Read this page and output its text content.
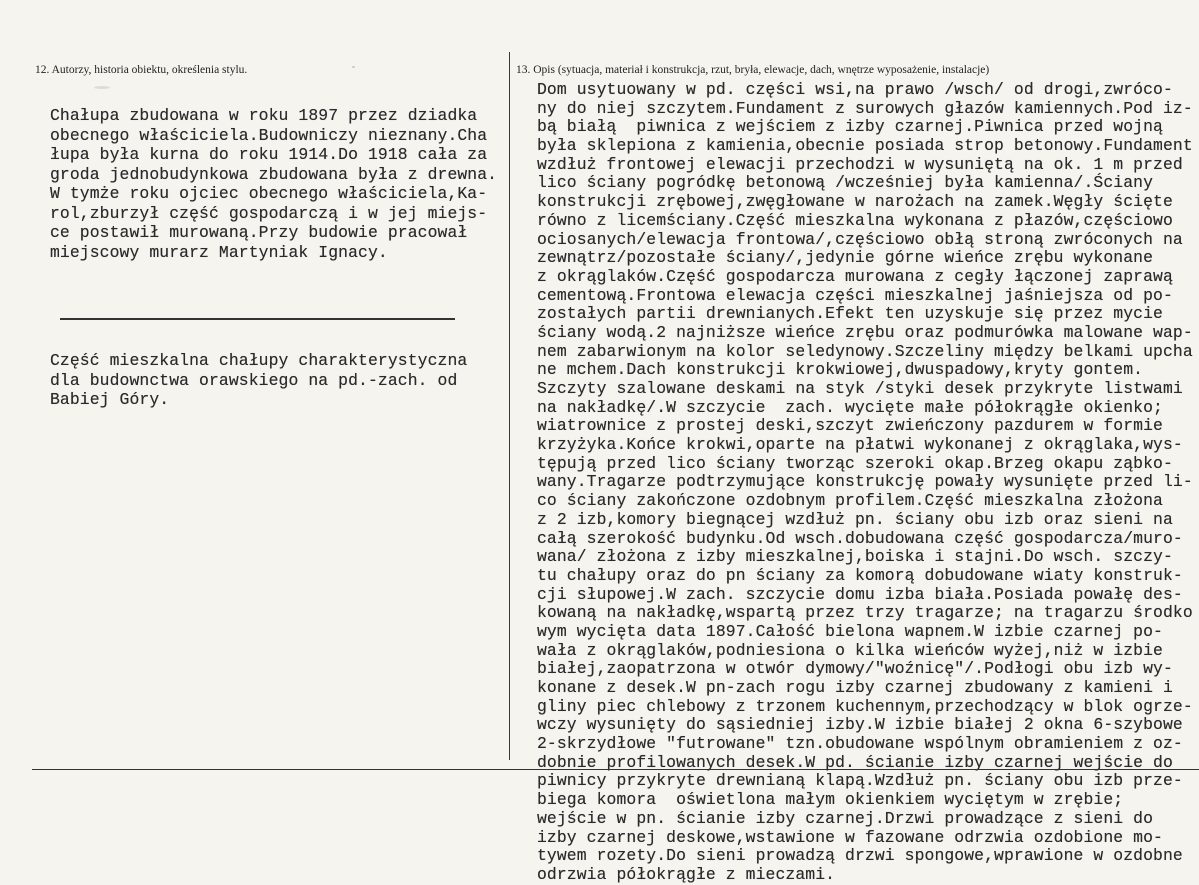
12. Autorzy, historia obiektu, określenia stylu.	13. Opis (sytuacja, materiał i konstrukcja, rzut, bryła, elewacje, dach, wnętrze wyposażenie, instalacje)
Chałupa zbudowana w roku 1897 przez dziadka
obecnego właściciela.Budowniczy nieznany.Cha
łupa była kurna do roku 1914.Do 1918 cała za
groda jednobudynkowa zbudowana była z drewna.
W tymże roku ojciec obecnego właściciela,Ka-
rol,zburzył część gospodarczą i w jej miejs-
ce postawił murowaną.Przy budowie pracował
miejscowy murarz Martyniak Ignacy.
Część mieszkalna chałupy charakterystyczna
dla budownctwa orawskiego na pd.-zach. od
Babiej Góry.
Dom usytuowany w pd. części wsi,na prawo /wsch/ od drogi,zwróco-
ny do niej szczytem.Fundament z surowych głazów kamiennych.Pod iz-
bą białą  piwnica z wejściem z izby czarnej.Piwnica przed wojną
była sklepiona z kamienia,obecnie posiada strop betonowy.Fundament
wzdłuż frontowej elewacji przechodzi w wysuniętą na ok. 1 m przed
lico ściany pogródkę betonową /wcześniej była kamienna/.Ściany
konstrukcji zrębowej,zwęgłowane w narożach na zamek.Węgły ścięte
równo z licemściany.Część mieszkalna wykonana z płazów,częściowo
ociosanych/elewacja frontowa/,częściowo obłą stroną zwróconych na
zewnątrz/pozostałe ściany/,jedynie górne wieńce zrębu wykonane
z okrąglaków.Część gospodarcza murowana z cegły łączonej zaprawą
cementową.Frontowa elewacja części mieszkalnej jaśniejsza od po-
zostałych partii drewnianych.Efekt ten uzyskuje się przez mycie
ściany wodą.2 najniższe wieńce zrębu oraz podmurówka malowane wap-
nem zabarwionym na kolor seledynowy.Szczeliny między belkami upcha
ne mchem.Dach konstrukcji krokwiowej,dwuspadowy,kryty gontem.
Szczyty szalowane deskami na styk /styki desek przykryte listwami
na nakładkę/.W szczycie  zach. wycięte małe półokrągłe okienko;
wiatrownice z prostej deski,szczyt zwieńczony pazdurem w formie
krzyżyka.Końce krokwi,oparte na płatwi wykonanej z okrąglaka,wys-
tępują przed lico ściany tworząc szeroki okap.Brzeg okapu ząbko-
wany.Tragarze podtrzymujące konstrukcję powały wysunięte przed li-
co ściany zakończone ozdobnym profilem.Część mieszkalna złożona
z 2 izb,komory biegnącej wzdłuż pn. ściany obu izb oraz sieni na
całą szerokość budynku.Od wsch.dobudowana część gospodarcza/muro-
wana/ złożona z izby mieszkalnej,boiska i stajni.Do wsch. szczy-
tu chałupy oraz do pn ściany za komorą dobudowane wiaty konstruk-
cji słupowej.W zach. szczycie domu izba biała.Posiada powałę des-
kowaną na nakładkę,wspartą przez trzy tragarze; na tragarzu środko
wym wycięta data 1897.Całość bielona wapnem.W izbie czarnej po-
wała z okrąglaków,podniesiona o kilka wieńców wyżej,niż w izbie
białej,zaopatrzona w otwór dymowy/"woźnicę"/.Podłogi obu izb wy-
konane z desek.W pn-zach rogu izby czarnej zbudowany z kamieni i
gliny piec chlebowy z trzonem kuchennym,przechodzący w blok ogrze-
wczy wysunięty do sąsiedniej izby.W izbie białej 2 okna 6-szybowe
2-skrzydłowe "futrowane" tzn.obudowane wspólnym obramieniem z oz-
dobnie profilowanych desek.W pd. ścianie izby czarnej wejście do
piwnicy przykryte drewnianą klapą.Wzdłuż pn. ściany obu izb prze-
biega komora  oświetlona małym okienkiem wyciętym w zrębie;
wejście w pn. ścianie izby czarnej.Drzwi prowadzące z sieni do
izby czarnej deskowe,wstawione w fazowane odrzwia ozdobione mo-
tywem rozety.Do sieni prowadzą drzwi spongowe,wprawione w ozdobne
odrzwia półokrągłe z mieczami.
